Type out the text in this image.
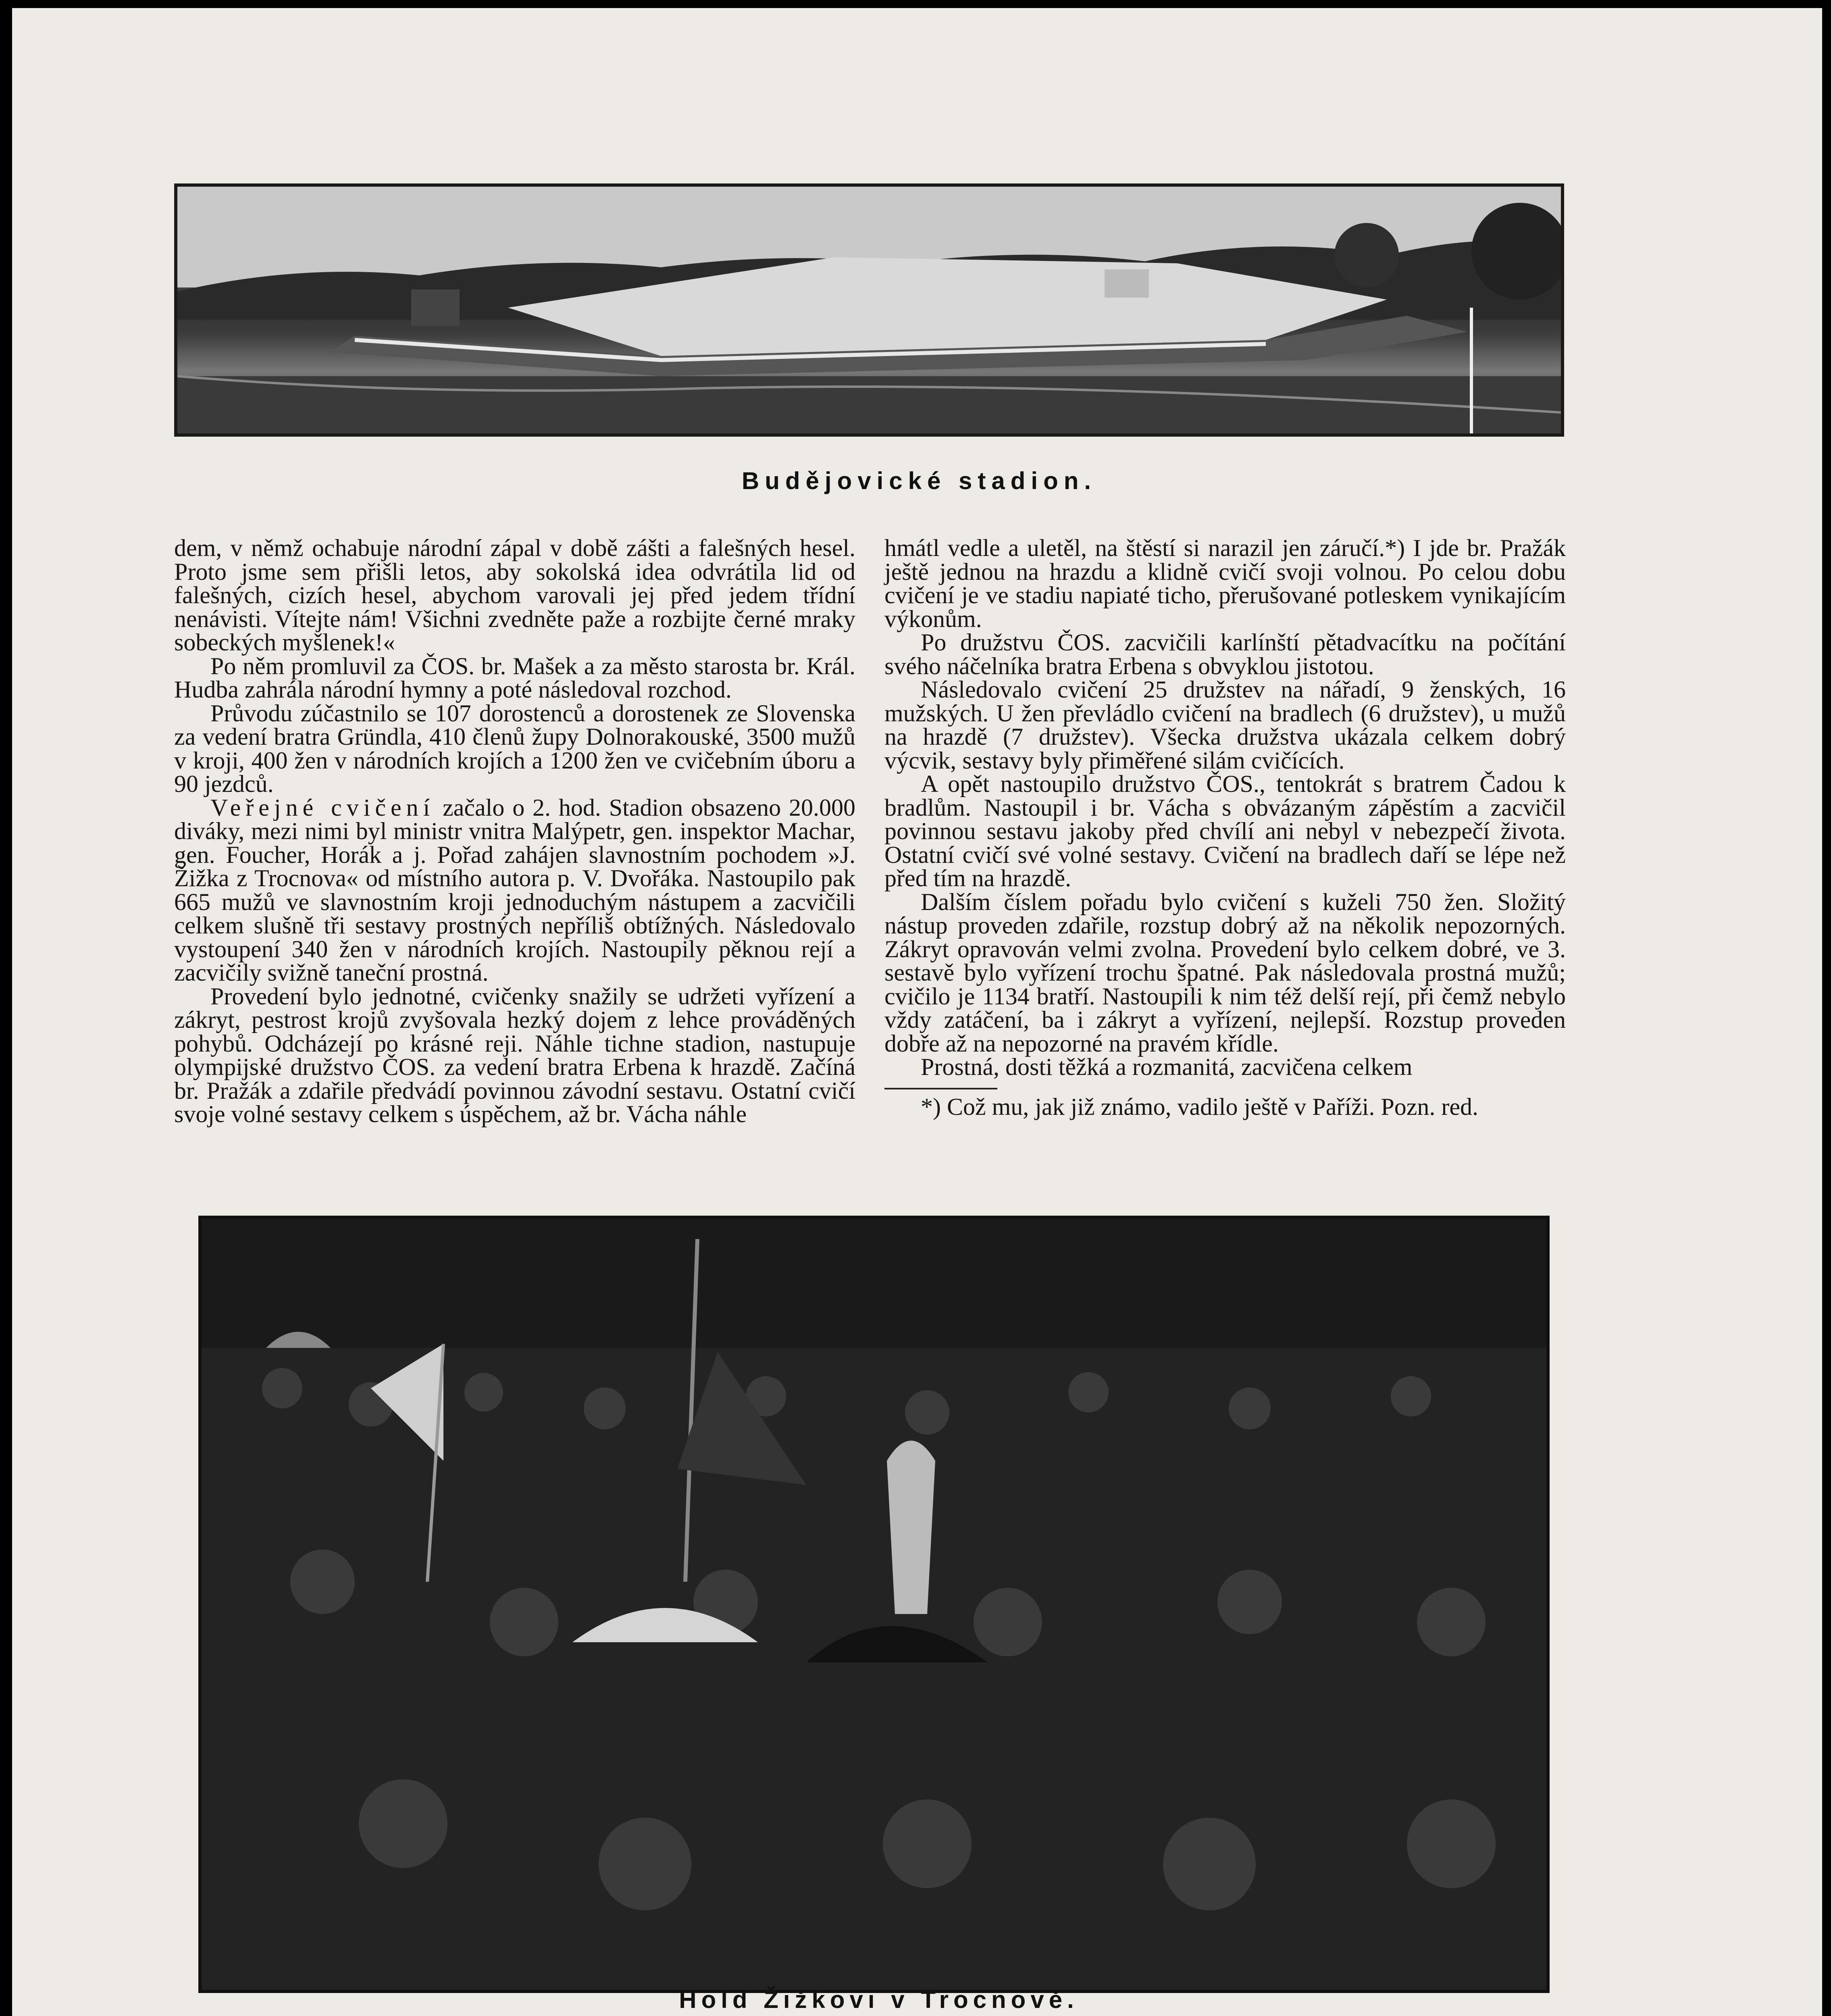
Budějovické stadion.

dem, v němž ochabuje národní zápal v době zášti a falešných hesel. Proto jsme sem přišli letos, aby sokolská idea odvrátila lid od falešných, cizích hesel, abychom varovali jej před jedem třídní nenávisti. Vítejte nám! Všichni zvedněte paže a rozbijte černé mraky sobeckých myšlenek!«

Po něm promluvil za ČOS. br. Mašek a za město starosta br. Král. Hudba zahrála národní hymny a poté následoval rozchod.

Průvodu zúčastnilo se 107 dorostenců a dorostenek ze Slovenska za vedení bratra Gründla, 410 členů župy Dolnorakouské, 3500 mužů v kroji, 400 žen v národních krojích a 1200 žen ve cvičebním úboru a 90 jezdců.

Veřejné cvičení začalo o 2. hod. Stadion obsazeno 20.000 diváky, mezi nimi byl ministr vnitra Malýpetr, gen. inspektor Machar, gen. Foucher, Horák a j. Pořad zahájen slavnostním pochodem »J. Žižka z Trocnova« od místního autora p. V. Dvořáka. Nastoupilo pak 665 mužů ve slavnostním kroji jednoduchým nástupem a zacvičili celkem slušně tři sestavy prostných nepříliš obtížných. Následovalo vystoupení 340 žen v národních krojích. Nastoupily pěknou rejí a zacvičily svižně taneční prostná.

Provedení bylo jednotné, cvičenky snažily se udržeti vyřízení a zákryt, pestrost krojů zvyšovala hezký dojem z lehce prováděných pohybů. Odcházejí po krásné reji. Náhle tichne stadion, nastupuje olympijské družstvo ČOS. za vedení bratra Erbena k hrazdě. Začíná br. Pražák a zdařile předvádí povinnou závodní sestavu. Ostatní cvičí svoje volné sestavy celkem s úspěchem, až br. Vácha náhle

hmátl vedle a uletěl, na štěstí si narazil jen záručí.*) I jde br. Pražák ještě jednou na hrazdu a klidně cvičí svoji volnou. Po celou dobu cvičení je ve stadiu napiaté ticho, přerušované potleskem vynikajícím výkonům.

Po družstvu ČOS. zacvičili karlínští pětadvacítku na počítání svého náčelníka bratra Erbena s obvyklou jistotou.

Následovalo cvičení 25 družstev na nářadí, 9 ženských, 16 mužských. U žen převládlo cvičení na bradlech (6 družstev), u mužů na hrazdě (7 družstev). Všecka družstva ukázala celkem dobrý výcvik, sestavy byly přiměřené silám cvičících.

A opět nastoupilo družstvo ČOS., tentokrát s bratrem Čadou k bradlům. Nastoupil i br. Vácha s obvázaným zápěstím a zacvičil povinnou sestavu jakoby před chvílí ani nebyl v nebezpečí života. Ostatní cvičí své volné sestavy. Cvičení na bradlech daří se lépe než před tím na hrazdě.

Dalším číslem pořadu bylo cvičení s kuželi 750 žen. Složitý nástup proveden zdařile, rozstup dobrý až na několik nepozorných. Zákryt opravován velmi zvolna. Provedení bylo celkem dobré, ve 3. sestavě bylo vyřízení trochu špatné. Pak následovala prostná mužů; cvičilo je 1134 bratří. Nastoupili k nim též delší rejí, při čemž nebylo vždy zatáčení, ba i zákryt a vyřízení, nejlepší. Rozstup proveden dobře až na nepozorné na pravém křídle.

Prostná, dosti těžká a rozmanitá, zacvičena celkem

*) Což mu, jak již známo, vadilo ještě v Paříži. Pozn. red.

Hold Žižkovi v Trocnově.
